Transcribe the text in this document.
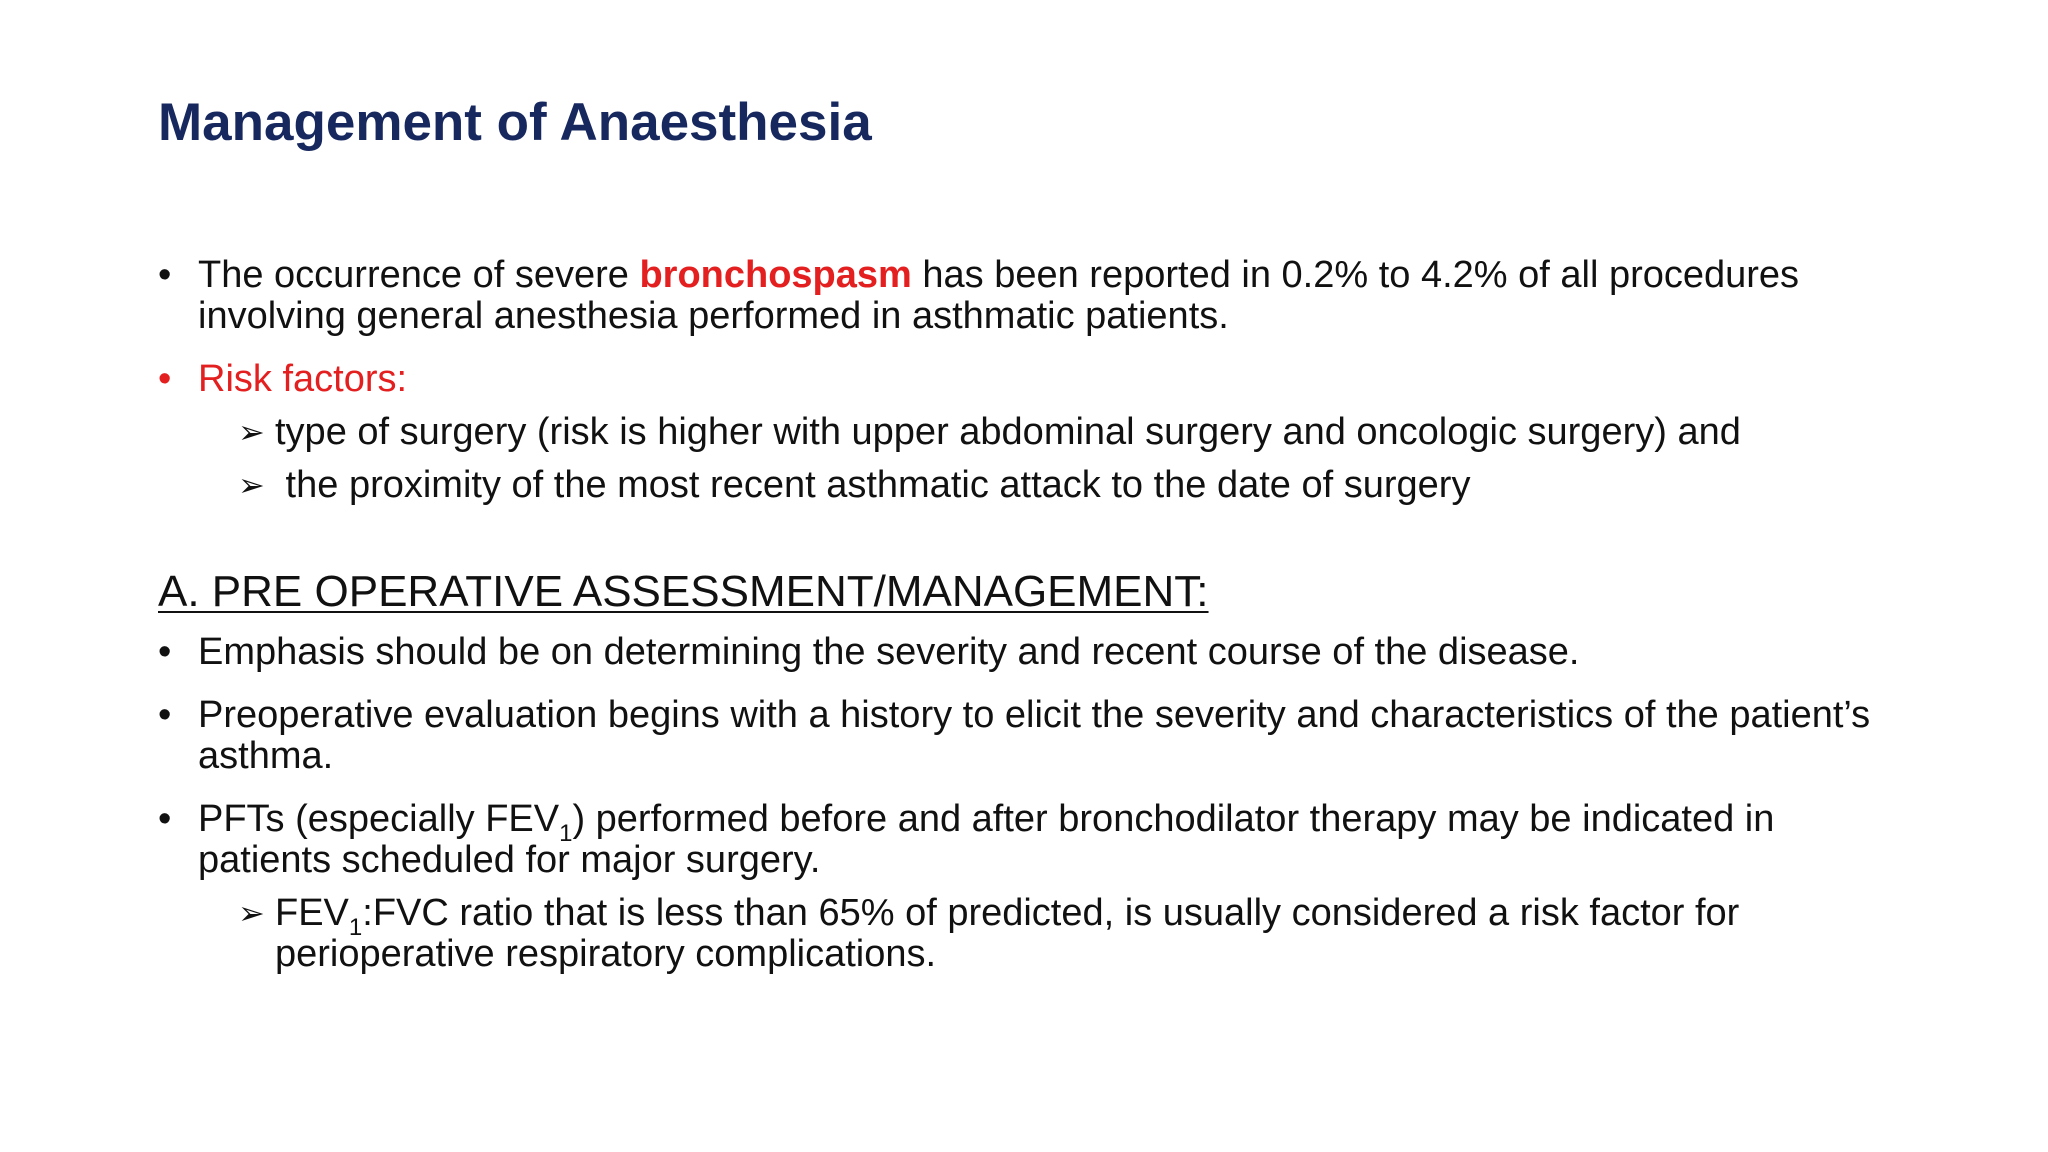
Management of Anaesthesia
• The occurrence of severe bronchospasm has been reported in 0.2% to 4.2% of all procedures involving general anesthesia performed in asthmatic patients.
• Risk factors:
➢ type of surgery (risk is higher with upper abdominal surgery and oncologic surgery) and
➢ the proximity of the most recent asthmatic attack to the date of surgery
A. PRE OPERATIVE ASSESSMENT/MANAGEMENT:
• Emphasis should be on determining the severity and recent course of the disease.
• Preoperative evaluation begins with a history to elicit the severity and characteristics of the patient’s asthma.
• PFTs (especially $FEV_1$) performed before and after bronchodilator therapy may be indicated in patients scheduled for major surgery.
➢ $FEV_1:FVC$ ratio that is less than 65% of predicted, is usually considered a risk factor for perioperative respiratory complications.
